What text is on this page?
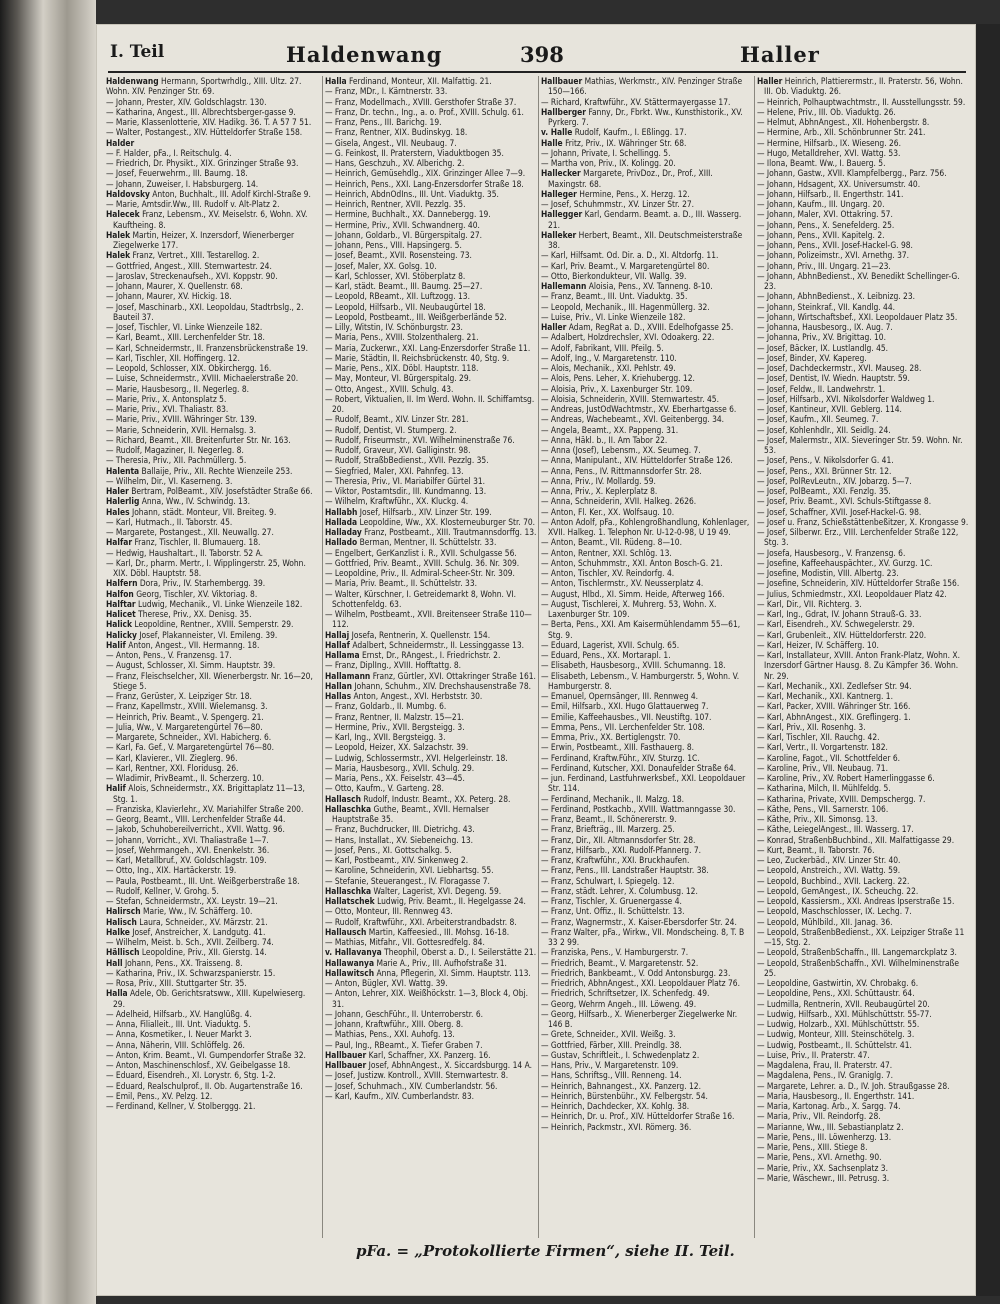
I. Teil	Haldenwang	398	Haller
Haldenwang Hermann, Sportwrhdlg., XIII. Ultz. 27.
Wohn. XIV. Penzinger Str. 69.
— Johann, Prester, XIV. Goldschlagstr. 130.
— Katharina, Angest., III. Albrechtsberger-gasse 9.
— Marie, Klassenlotterie, XIV. Hadikg. 36. T. A 57 7 51.
— Walter, Postangest., XIV. Hütteldorfer Straße 158.
Halder
— F. Halder, pFa., I. Reitschulg. 4.
— Friedrich, Dr. Physikt., XIX. Grinzinger Straße 93.
— Josef, Feuerwehrm., III. Baumg. 18.
— Johann, Zuweiser, I. Habsburgerg. 14.
Haldovsky Anton, Buchhalt., III. Adolf Kirchl-Straße 9.
— Marie, Amtsdir.Ww., III. Rudolf v. Alt-Platz 2.
Halecek Franz, Lebensm., XV. Meiselstr. 6, Wohn. XV. Kauftheing. 8.
Halek Martin, Heizer, X. Inzersdorf, Wienerberger Ziegelwerke 177.
Halek Franz, Vertret., XIII. Testarellog. 2.
— Gottfried, Angest., XIII. Sternwartestr. 24.
— Jaroslav, Streckenaufseh., XVI. Koppstr. 90.
— Johann, Maurer, X. Quellenstr. 68.
— Johann, Maurer, XV. Hickig. 18.
— Josef, Maschinarb., XXI. Leopoldau, Stadtrbslg., 2. Bauteil 37.
— Josef, Tischler, VI. Linke Wienzeile 182.
— Karl, Beamt., XIII. Lerchenfelder Str. 18.
— Karl, Schneidermstr., II. Franzensbrückenstraße 19.
— Karl, Tischler, XII. Hoffingerg. 12.
— Leopold, Schlosser, XIX. Obkirchergg. 16.
— Luise, Schneidermstr., XVIII. Michaelerstraße 20.
— Marie, Hausbesorg., II. Negerleg. 8.
— Marie, Priv., X. Antonsplatz 5.
— Marie, Priv., XVI. Thaliastr. 83.
— Marie, Priv., XVIII. Währinger Str. 139.
— Marie, Schneiderin, XVII. Hernalsg. 3.
— Richard, Beamt., XII. Breitenfurter Str. Nr. 163.
— Rudolf, Magaziner, II. Negerleg. 8.
— Theresia, Priv., XII. Pachmüllerg. 5.
Halenta Ballaije, Priv., XII. Rechte Wienzeile 253.
— Wilhelm, Dir., VI. Kaserneng. 3.
Haler Bertram, PolBeamt., XIV. Josefstädter Straße 66.
Halerlig Anna, Ww., IV. Schwindg. 13.
Hales Johann, städt. Monteur, VII. Breiteg. 9.
— Karl, Hutmach., II. Taborstr. 45.
— Margarete, Postangest., XII. Neuwallg. 27.
Halfar Franz, Tischler, II. Blumauerg. 18.
— Hedwig, Haushaltart., II. Taborstr. 52 A.
— Karl, Dr., pharm. Mertr., I. Wipplingerstr. 25, Wohn. XIX. Döbl. Hauptstr. 58.
Halfern Dora, Priv., IV. Starhembergg. 39.
Halfon Georg, Tischler, XV. Viktoriag. 8.
Halftar Ludwig, Mechanik., VI. Linke Wienzeile 182.
Halicet Therese, Priv., XX. Denisg. 35.
Halick Leopoldine, Rentner., XVIII. Semperstr. 29.
Halicky Josef, Plakanneister, VI. Emileng. 39.
Halif Anton, Angest., VII. Hermanng. 18.
— Anton, Pens., V. Franzensg. 17.
— August, Schlosser, XI. Simm. Hauptstr. 39.
— Franz, Fleischselcher, XII. Wienerbergstr. Nr. 16—20, Stiege 5.
— Franz, Gerüster, X. Leipziger Str. 18.
— Franz, Kapellmstr., XVIII. Wielemansg. 3.
— Heinrich, Priv. Beamt., V. Spengerg. 21.
— Julia, Ww., V. Margaretengürtel 76—80.
— Margarete, Schneider., XVI. Habicherg. 6.
— Karl, Fa. Gef., V. Margaretengürtel 76—80.
— Karl, Klavierer., VII. Zieglerg. 96.
— Karl, Rentner, XXI. Floridusg. 26.
— Wladimir, PrivBeamt., II. Scherzerg. 10.
Halif Alois, Schneidermstr., XX. Brigittaplatz 11—13, Stg. 1.
— Franziska, Klavierlehr., XV. Mariahilfer Straße 200.
— Georg, Beamt., VIII. Lerchenfelder Straße 44.
— Jakob, Schuhobereilverricht., XVII. Wattg. 96.
— Johann, Vorricht., XVI. Thaliastraße 1—7.
— Josef, Wehrmangeh., XVI. Enenkelstr. 36.
— Karl, Metallbruf., XV. Goldschlagstr. 109.
— Otto, Ing., XIX. Hartäckerstr. 19.
— Paula, Postbeamt., III. Unt. Weißgerberstraße 18.
— Rudolf, Kellner, V. Grohg. 5.
— Stefan, Schneidermstr., XX. Leystr. 19—21.
Halirsch Marie, Ww., IV. Schäfferg. 10.
Halisch Laura, Schneider., XV. Märzstr. 21.
Halke Josef, Anstreicher, X. Landgutg. 41.
— Wilhelm, Meist. b. Sch., XVII. Zeilberg. 74.
Hällisch Leopoldine, Priv., XII. Gierstg. 14.
Hall Johann, Pens., XX. Traisseng. 8.
— Katharina, Priv., IX. Schwarzspanierstr. 15.
— Rosa, Priv., XIII. Stuttgarter Str. 35.
Halla Adele, Ob. Gerichtsratsww., XIII. Kupelwieserg. 29.
— Adelheid, Hilfsarb., XV. Hanglüßg. 4.
— Anna, Filialleit., III. Unt. Viaduktg. 5.
— Anna, Kosmetiker., I. Neuer Markt 3.
— Anna, Näherin, VIII. Schlöffelg. 26.
— Anton, Krim. Beamt., VI. Gumpendorfer Straße 32.
— Anton, Maschinenschlosf., XV. Geibelgasse 18.
— Eduard, Eisendreh., XI. Lorystr. 6, Stg. 1-2.
— Eduard, Realschulprof., II. Ob. Augartenstraße 16.
— Emil, Pens., XV. Pelzg. 12.
— Ferdinand, Kellner, V. Stolberggg. 21.
Halla Ferdinand, Monteur, XII. Malfattig. 21.
— Franz, MDr., I. Kärntnerstr. 33.
— Franz, Modellmach., XVIII. Gersthofer Straße 37.
— Franz, Dr. techn., Ing., a. o. Prof., XVIII. Schulg. 61.
— Franz, Pens., III. Barichg. 19.
— Franz, Rentner, XIX. Budinskyg. 18.
— Gisela, Angest., VII. Neubaug. 7.
— G. Feinkost, II. Praterstern, Viaduktbogen 35.
— Hans, Geschzuh., XV. Alberichg. 2.
— Heinrich, Gemüsehdlg., XIX. Grinzinger Allee 7—9.
— Heinrich, Pens., XXI. Lang-Enzersdorfer Straße 18.
— Heinrich, AbdnOdIns., III. Unt. Viaduktg. 35.
— Heinrich, Rentner, XVII. Pezzlg. 35.
— Hermine, Buchhalt., XX. Dannebergg. 19.
— Hermine, Priv., XVII. Schwandnerg. 40.
— Johann, Goldarb., VI. Bürgerspitalg. 27.
— Johann, Pens., VIII. Hapsingerg. 5.
— Josef, Beamt., XVII. Rosensteing. 73.
— Josef, Maler, XX. Golsg. 10.
— Karl, Schlosser, XVI. Stöberplatz 8.
— Karl, städt. Beamt., III. Baumg. 25—27.
— Leopold, RBeamt., XII. Luftzogg. 13.
— Leopold, Hilfsarb., VII. Neubaugürtel 18.
— Leopold, Postbeamt., III. Weißgerberlände 52.
— Lilly, Witstin, IV. Schönburgstr. 23.
— Maria, Pens., XVIII. Stolzenthalerg. 21.
— Maria, Zuckerwr., XXI. Lang-Enzersdorfer Straße 11.
— Marie, Städtin, II. Reichsbrückenstr. 40, Stg. 9.
— Marie, Pens., XIX. Döbl. Hauptstr. 118.
— May, Monteur, VI. Bürgerspitalg. 29.
— Otto, Angest., XVIII. Schulg. 43.
— Robert, Viktualien, II. Im Werd. Wohn. II. Schiffamtsg. 20.
— Rudolf, Beamt., XIV. Linzer Str. 281.
— Rudolf, Dentist, VI. Stumperg. 2.
— Rudolf, Friseurmstr., XVI. Wilhelminenstraße 76.
— Rudolf, Graveur, XVI. Galliginstr. 98.
— Rudolf, StraßbBedienst., XVII. Pezzlg. 35.
— Siegfried, Maler, XXI. Pahnfeg. 13.
— Theresia, Priv., VI. Mariabilfer Gürtel 31.
— Viktor, Postamtsdir., III. Kundmanng. 13.
— Wilhelm, Kraftwführ., XX. Kluckg. 4.
Hallabh Josef, Hilfsarb., XIV. Linzer Str. 199.
Hallada Leopoldine, Ww., XX. Klosterneuburger Str. 70.
Halladay Franz, Postbeamt., XIII. Trautmannsdorffg. 13.
Hallado Berman, Mentner, II. Schüttelstr. 33.
— Engelbert, GerKanzlist i. R., XVII. Schulgasse 56.
— Gottfried, Priv. Beamt., XVIII. Schulg. 36. Nr. 309.
— Leopoldine, Priv., II. Admiral-Scheer-Str. Nr. 309.
— Maria, Priv. Beamt., II. Schüttelstr. 33.
— Walter, Kürschner, I. Getreidemarkt 8, Wohn. VI. Schottenfeldg. 63.
— Wilhelm, Postbeamt., XVII. Breitenseer Straße 110—112.
Hallaj Josefa, Rentnerin, X. Quellenstr. 154.
Hallaf Adalbert, Schneidermstr., II. Lessinggasse 13.
Hallama Ernst, Dr., RAngest., I. Friedrichstr. 2.
— Franz, DiplIng., XVIII. Hofftattg. 8.
Hallamann Franz, Gürtler, XVI. Ottakringer Straße 161.
Hallan Johann, Schuhm., XIV. Drechshausenstraße 78.
Hallas Anton, Angest., XVI. Herbststr. 30.
— Franz, Goldarb., II. Mumbg. 6.
— Franz, Rentner, II. Malzstr. 15—21.
— Hermine, Priv., XVII. Bergsteigg. 3.
— Karl, Ing., XVII. Bergsteigg. 3.
— Leopold, Heizer, XX. Salzachstr. 39.
— Ludwig, Schlossermstr., XVI. Helgerleinstr. 18.
— Maria, Hausbesorg., XVII. Schulg. 29.
— Maria, Pens., XX. Feiselstr. 43—45.
— Otto, Kaufm., V. Garteng. 28.
Hallasch Rudolf, Industr. Beamt., XX. Peterg. 28.
Hallaschka Guthe, Beamt., XVII. Hernalser Hauptstraße 35.
— Franz, Buchdrucker, III. Dietrichg. 43.
— Hans, Installat., XV. Siebeneichg. 13.
— Josef, Pens., XI. Gottschalkg. 5.
— Karl, Postbeamt., XIV. Sinkenweg 2.
— Karoline, Schneiderin, XVI. Liebhartsg. 55.
— Stefanie, Steuerangest., IV. Floragasse 7.
Hallaschka Walter, Lagerist, XVI. Degeng. 59.
Hallatschek Ludwig, Priv. Beamt., II. Hegelgasse 24.
— Otto, Monteur, III. Rennweg 43.
— Rudolf, Kraftwführ., XXI. Arbeiterstrandbadstr. 8.
Hallausch Martin, Kaffeesied., III. Mohsg. 16-18.
— Mathias, Mitfahr., VII. Gottesredfelg. 84.
v. Hallavanya Theophil, Oberst a. D., I. Seilerstätte 21.
Hallawanya Marie A., Priv., III. Aufhofstraße 31.
Hallawitsch Anna, Pflegerin, XI. Simm. Hauptstr. 113.
— Anton, Bügler, XVI. Wattg. 39.
— Anton, Lehrer, XIX. Weißhöckstr. 1—3, Block 4, Obj. 31.
— Johann, GeschFühr., II. Unterroberstr. 6.
— Johann, Kraftwführ., XIII. Oberg. 8.
— Mathias, Pens., XXI. Auhofg. 13.
— Paul, Ing., RBeamt., X. Tiefer Graben 7.
Hallbauer Karl, Schaffner, XX. Panzerg. 16.
Hallbauer Josef, AbhnAngest., X. Siccardsburgg. 14 A.
— Josef, Justizw. Kontroll., XVIII. Sternwartestr. 8.
— Josef, Schuhmach., XIV. Cumberlandstr. 56.
— Karl, Kaufm., XIV. Cumberlandstr. 83.
Hallbauer Mathias, Werkmstr., XIV. Penzinger Straße 150—166.
— Richard, Kraftwführ., XV. Stättermayergasse 17.
Hallberger Fanny, Dr., Fbrkt. Ww., Kunsthistorik., XV. Pyrkerg. 7.
v. Halle Rudolf, Kaufm., I. Eßlingg. 17.
Halle Fritz, Priv., IX. Währinger Str. 68.
— Johann, Private, I. Schellingg. 5.
— Martha von, Priv., IX. Kolingg. 20.
Hallecker Margarete, PrivDoz., Dr., Prof., XIII. Maxingstr. 68.
Halleger Hermine, Pens., X. Herzg. 12.
— Josef, Schuhmmstr., XV. Linzer Str. 27.
Hallegger Karl, Gendarm. Beamt. a. D., III. Wasserg. 21.
Halleker Herbert, Beamt., XII. Deutschmeisterstraße 38.
— Karl, Hilfsamt. Od. Dir. a. D., XI. Altdorfg. 11.
— Karl, Priv. Beamt., V. Margaretengürtel 80.
— Otto, Bierkondukteur, VII. Wallg. 39.
Hallemann Aloisia, Pens., XV. Tanneng. 8-10.
— Franz, Beamt., III. Unt. Viaduktg. 35.
— Leopold, Mechanik., III. Hagenmüllerg. 32.
— Luise, Priv., VI. Linke Wienzeile 182.
Haller Adam, RegRat a. D., XVIII. Edelhofgasse 25.
— Adalbert, Holzdrechsler, XVI. Odoakerg. 22.
— Adolf, Fabrikant, VIII. Pfeilg. 5.
— Adolf, Ing., V. Margaretenstr. 110.
— Alois, Mechanik., XXI. Pehlstr. 49.
— Alois, Pens. Leher, X. Kriehubergg. 12.
— Aloisia, Priv., X. Laxenburger Str. 109.
— Aloisia, Schneiderin, XVIII. Sternwartestr. 45.
— Andreas, JustOdWachtmstr., XV. Eberhartgasse 6.
— Andreas, Wachebeamt., XVI. Geitenbergg. 34.
— Angela, Beamt., XX. Pappeng. 31.
— Anna, Häkl. b., II. Am Tabor 22.
— Anna (Josef), Lebensm., XX. Seumeg. 7.
— Anna, Manipulant., XIV. Hütteldorfer Straße 126.
— Anna, Pens., IV. Rittmannsdorfer Str. 28.
— Anna, Priv., IV. Mollardg. 59.
— Anna, Priv., X. Keplerplatz 8.
— Anna, Schneiderin, XVII. Halkeg. 2626.
— Anton, Fl. Ker., XX. Wolfsaug. 10.
— Anton Adolf, pFa., Kohlengroßhandlung, Kohlenlager, XVII. Halkeg. 1. Telephon Nr. U-12-0-98, U 19 49.
— Anton, Beamt., VII. Rüdeng. 8—10.
— Anton, Rentner, XXI. Schlög. 13.
— Anton, Schuhmmstr., XXI. Anton Bosch-G. 21.
— Anton, Tischler, XV. Reindorfg. 4.
— Anton, Tischlermstr., XV. Neusserplatz 4.
— August, Hlbd., XI. Simm. Heide, Afterweg 166.
— August, Tischlerei, X. Muhrerg. 53, Wohn. X. Laxenburger Str. 109.
— Berta, Pens., XXI. Am Kaisermühlendamm 55—61, Stg. 9.
— Eduard, Lagerist, XVII. Schulg. 65.
— Eduard, Pens., XX. Mortarapl. 1.
— Elisabeth, Hausbesorg., XVIII. Schumanng. 18.
— Elisabeth, Lebensm., V. Hamburgerstr. 5, Wohn. V. Hamburgerstr. 8.
— Emanuel, Opernsänger, III. Rennweg 4.
— Emil, Hilfsarb., XXI. Hugo Glattauerweg 7.
— Emilie, Kaffeehausbes., VII. Neustiftg. 107.
— Emma, Pens., VII. Lerchenfelder Str. 108.
— Emma, Priv., XX. Bertiglengstr. 70.
— Erwin, Postbeamt., XIII. Fasthauerg. 8.
— Ferdinand, Kraftw.Führ., XIV. Sturzg. 1C.
— Ferdinand, Kutscher, XXI. Donaufelder Straße 64.
— jun. Ferdinand, Lastfuhrwerksbef., XXI. Leopoldauer Str. 114.
— Ferdinand, Mechanik., II. Malzg. 18.
— Ferdinand, Postkachb., XVIII. Wattmanngasse 30.
— Franz, Beamt., II. Schönererstr. 9.
— Franz, Briefträg., III. Marzerg. 25.
— Franz, Dir., XII. Altmannsdorfer Str. 28.
— Franz, Hilfsarb., XXI. Rudolf-Pfannerg. 7.
— Franz, Kraftwführ., XXI. Bruckhaufen.
— Franz, Pens., III. Landstraßer Hauptstr. 38.
— Franz, Schulwart, I. Spiegelg. 12.
— Franz, städt. Lehrer, X. Columbusg. 12.
— Franz, Tischler, X. Gruenergasse 4.
— Franz, Unt. Offiz., II. Schüttelstr. 13.
— Franz, Wagnermstr., X. Kaiser-Ebersdorfer Str. 24.
— Franz Walter, pFa., Wirkw., VII. Mondscheing. 8, T. B 33 2 99.
— Franziska, Pens., V. Hamburgerstr. 7.
— Friedrich, Beamt., V. Margaretenstr. 52.
— Friedrich, Bankbeamt., V. Odd Antonsburgg. 23.
— Friedrich, AbhnAngest., XXI. Leopoldauer Platz 76.
— Friedrich, Schriftsetzer, IX. Schenfedg. 49.
— Georg, Wehrm Angeh., III. Löweng. 49.
— Georg, Hilfsarb., X. Wienerberger Ziegelwerke Nr. 146 B.
— Grete, Schneider., XVII. Weißg. 3.
— Gottfried, Färber, XIII. Preindlg. 38.
— Gustav, Schriftleit., I. Schwedenplatz 2.
— Hans, Priv., V. Margaretenstr. 109.
— Hans, Schriftsg., VIII. Renneng. 14.
— Heinrich, Bahnangest., XX. Panzerg. 12.
— Heinrich, Bürstenbühr., XV. Felbergstr. 54.
— Heinrich, Dachdecker, XX. Kohlg. 38.
— Heinrich, Dr. u. Prof., XIV. Hütteldorfer Straße 16.
— Heinrich, Packmstr., XVI. Römerg. 36.
Haller Heinrich, Plattierermstr., II. Praterstr. 56, Wohn. III. Ob. Viaduktg. 26.
— Heinrich, Polhauptwachtmstr., II. Ausstellungsstr. 59.
— Helene, Priv., III. Ob. Viaduktg. 26.
— Helmut, AbhnAngest., XII. Hohenbergstr. 8.
— Hermine, Arb., XII. Schönbrunner Str. 241.
— Hermine, Hilfsarb., IX. Wieseng. 26.
— Hugo, Metalldreher, XVI. Wattg. 53.
— Ilona, Beamt. Ww., I. Bauerg. 5.
— Johann, Gastw., XVII. Klampfelbergg., Parz. 756.
— Johann, Hdsagent, XX. Universumstr. 40.
— Johann, Hilfsarb., II. Engerthstr. 141.
— Johann, Kaufm., III. Ungarg. 20.
— Johann, Maler, XVI. Ottakring. 57.
— Johann, Pens., X. Senefelderg. 25.
— Johann, Pens., XVII. Kapitelg. 2.
— Johann, Pens., XVII. Josef-Hackel-G. 98.
— Johann, Polizeimstr., XVI. Arnethg. 37.
— Johann, Priv., III. Ungarg. 21—23.
— Johann, AbhnBedienst., XV. Benedikt Schellinger-G. 23.
— Johann, AbhnBedienst., X. Leibnizg. 23.
— Johann, Steinkraf., VII. Kandlg. 44.
— Johann, Wirtschaftsbef., XXI. Leopoldauer Platz 35.
— Johanna, Hausbesorg., IX. Aug. 7.
— Johanna, Priv., XV. Brigittag. 10.
— Josef, Bäcker, IX. Lustlandlg. 45.
— Josef, Binder, XV. Kapereg.
— Josef, Dachdeckermstr., XVI. Mauseg. 28.
— Josef, Dentist, IV. Wiedn. Hauptstr. 59.
— Josef, Feldw., II. Landwehrstr. 1.
— Josef, Hilfsarb., XVI. Nikolsdorfer Waldweg 1.
— Josef, Kantineur, XVII. Geblerg. 114.
— Josef, Kaufm., XII. Seumeg. 7.
— Josef, Kohlenhdlr., XII. Seidlg. 24.
— Josef, Malermstr., XIX. Sieveringer Str. 59. Wohn. Nr. 53.
— Josef, Pens., V. Nikolsdorfer G. 41.
— Josef, Pens., XXI. Brünner Str. 12.
— Josef, PolRevLeutn., XIV. Jobarzg. 5—7.
— Josef, PolBeamt., XXI. Fenzlg. 35.
— Josef, Priv. Beamt., XVI. Schuls-Stiftgasse 8.
— Josef, Schaffner, XVII. Josef-Hackel-G. 98.
— Josef u. Franz, Schießstättenbeßitzer, X. Krongasse 9.
— Josef, Silberwr. Erz., VIII. Lerchenfelder Straße 122, Stg. 3.
— Josefa, Hausbesorg., V. Franzensg. 6.
— Josefine, Kaffeehauspächter., XV. Gurzg. 1C.
— Josefine, Modistin, VIII. Albertg. 23.
— Josefine, Schneiderin, XIV. Hütteldorfer Straße 156.
— Julius, Schmiedmstr., XXI. Leopoldauer Platz 42.
— Karl, Dir., VII. Richterg. 3.
— Karl, Ing., Gdrat, IV. Johann Strauß-G. 33.
— Karl, Eisendreh., XV. Schwegelerstr. 29.
— Karl, Grubenleit., XIV. Hütteldorferstr. 220.
— Karl, Heizer, IV. Schäfferg. 10.
— Karl, Installateur, XVIII. Anton Frank-Platz, Wohn. X. Inzersdorf Gärtner Hausg. 8. Zu Kämpfer 36. Wohn. Nr. 29.
— Karl, Mechanik., XXI. Zedlefser Str. 94.
— Karl, Mechanik., XXI. Kantnerg. 1.
— Karl, Packer, XVIII. Währinger Str. 166.
— Karl, AbhnAngest., XIX. Greflingerg. 1.
— Karl, Priv., XII. Rosenhg. 3.
— Karl, Tischler, XII. Rauchg. 42.
— Karl, Vertr., II. Vorgartenstr. 182.
— Karoline, Fagot., VII. Schottfelder 6.
— Karoline, Priv., VII. Neubaug. 71.
— Karoline, Priv., XV. Robert Hamerlinggasse 6.
— Katharina, Milch, II. Mühlfeldg. 5.
— Katharina, Private, XVIII. Dempschergg. 7.
— Käthe, Pens., VII. Sarnerstr. 106.
— Käthe, Priv., XII. Simonsg. 13.
— Käthe, LeiegelAngest., III. Wasserg. 17.
— Konrad, StraßenbBuchbind., XII. Malfattigasse 29.
— Kurt, Beamt., II. Taborstr. 76.
— Leo, Zuckerbäd., XIV. Linzer Str. 40.
— Leopold, Anstreich., XVI. Wattg. 59.
— Leopold, Buchbind., XVII. Lackerg. 22.
— Leopold, GemAngest., IX. Scheuchg. 22.
— Leopold, Kassiersm., XXI. Andreas Ipserstraße 15.
— Leopold, Maschschlosser, IX. Lechg. 7.
— Leopold, Mühlbild., XII. Janag. 36.
— Leopold, StraßenbBedienst., XX. Leipziger Straße 11—15, Stg. 2.
— Leopold, StraßenbSchaffn., III. Langemarckplatz 3.
— Leopold, StraßenbSchaffn., XVI. Wilhelminenstraße 25.
— Leopoldine, Gastwirtin, XV. Chrobakg. 6.
— Leopoldine, Pens., XXI. Schüttaustr. 64.
— Ludmilla, Rentnerin, XVII. Reubaugürtel 20.
— Ludwig, Hilfsarb., XXI. Mühlschüttstr. 55-77.
— Ludwig, Holzarb., XXI. Mühlschüttstr. 55.
— Ludwig, Monteur, XIII. Steinschötelg. 3.
— Ludwig, Postbeamt., II. Schüttelstr. 41.
— Luise, Priv., II. Praterstr. 47.
— Magdalena, Frau, II. Praterstr. 47.
— Magdalena, Pens., IV. Graniglg. 7.
— Margarete, Lehrer. a. D., IV. Joh. Straußgasse 28.
— Maria, Hausbesorg., II. Engerthstr. 141.
— Maria, Kartonag. Arb., X. Sargg. 74.
— Maria, Priv., VII. Reindorfg. 28.
— Marianne, Ww., III. Sebastianplatz 2.
— Marie, Pens., III. Löwenherzg. 13.
— Marie, Pens., XIII. Stiege 8.
— Marie, Pens., XVI. Arnethg. 90.
— Marie, Priv., XX. Sachsenplatz 3.
— Marie, Wäschewr., III. Petrusg. 3.
pFa. = „Protokollierte Firmen“, siehe II. Teil.
